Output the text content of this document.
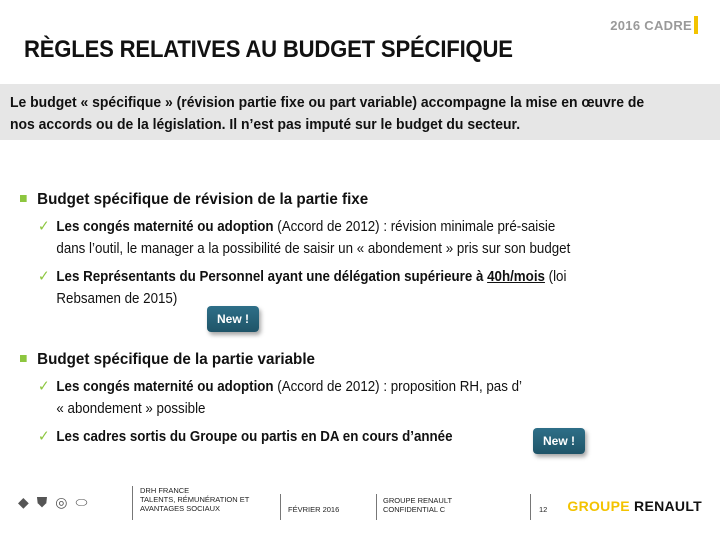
2016 CADRE
RÈGLES RELATIVES AU BUDGET SPÉCIFIQUE
Le budget « spécifique » (révision partie fixe ou part variable) accompagne la mise en œuvre de
nos accords ou de la législation. Il n’est pas imputé sur le budget du secteur.
Budget spécifique de révision de la partie fixe
✓ Les congés maternité ou adoption (Accord de 2012) : révision minimale pré-saisie
dans l’outil, le manager a la possibilité de saisir un « abondement » pris sur son budget
✓ Les Représentants du Personnel ayant une délégation supérieure à 40h/mois (loi
Rebsamen de 2015)
New !
Budget spécifique de la partie variable
✓ Les congés maternité ou adoption (Accord de 2012) : proposition RH, pas d’
« abondement » possible
✓ Les cadres sortis du Groupe ou partis en DA en cours d’année	New !
◆ ⛊ ◎ ⬭
DRH FRANCE
TALENTS, RÉMUNÉRATION ET
AVANTAGES SOCIAUX	FÉVRIER 2016
GROUPE RENAULT
CONFIDENTIAL C	12 GROUPE RENAULT
